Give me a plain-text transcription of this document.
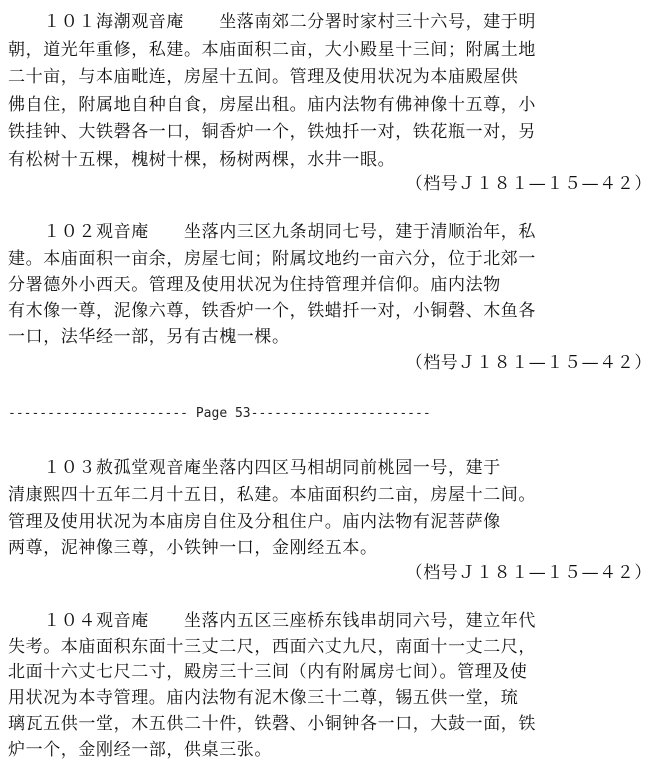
　　１０１海潮观音庵　　坐落南郊二分署时家村三十六号，建于明
朝，道光年重修，私建。本庙面积二亩，大小殿星十三间；附属土地
二十亩，与本庙毗连，房屋十五间。管理及使用状况为本庙殿屋供
佛自住，附属地自种自食，房屋出租。庙内法物有佛神像十五尊，小
铁挂钟、大铁磬各一口，铜香炉一个，铁烛扦一对，铁花瓶一对，另
有松树十五棵，槐树十棵，杨树两棵，水井一眼。
（档号Ｊ１８１—１５—４２）
　　１０２观音庵　　坐落内三区九条胡同七号，建于清顺治年，私
建。本庙面积一亩余，房屋七间；附属坟地约一亩六分，位于北郊一
分署德外小西天。管理及使用状况为住持管理并信仰。庙内法物
有木像一尊，泥像六尊，铁香炉一个，铁蜡扦一对，小铜磬、木鱼各
一口，法华经一部，另有古槐一棵。
（档号Ｊ１８１—１５—４２）
----------------------- Page 53-----------------------
　　１０３赦孤堂观音庵坐落内四区马相胡同前桃园一号，建于
清康熙四十五年二月十五日，私建。本庙面积约二亩，房屋十二间。
管理及使用状况为本庙房自住及分租住户。庙内法物有泥菩萨像
两尊，泥神像三尊，小铁钟一口，金刚经五本。
（档号Ｊ１８１—１５—４２）
　　１０４观音庵　　坐落内五区三座桥东钱串胡同六号，建立年代
失考。本庙面积东面十三丈二尺，西面六丈九尺，南面十一丈二尺，
北面十六丈七尺二寸，殿房三十三间（内有附属房七间）。管理及使
用状况为本寺管理。庙内法物有泥木像三十二尊，锡五供一堂，琉
璃瓦五供一堂，木五供二十件，铁磬、小铜钟各一口，大鼓一面，铁
炉一个，金刚经一部，供桌三张。
